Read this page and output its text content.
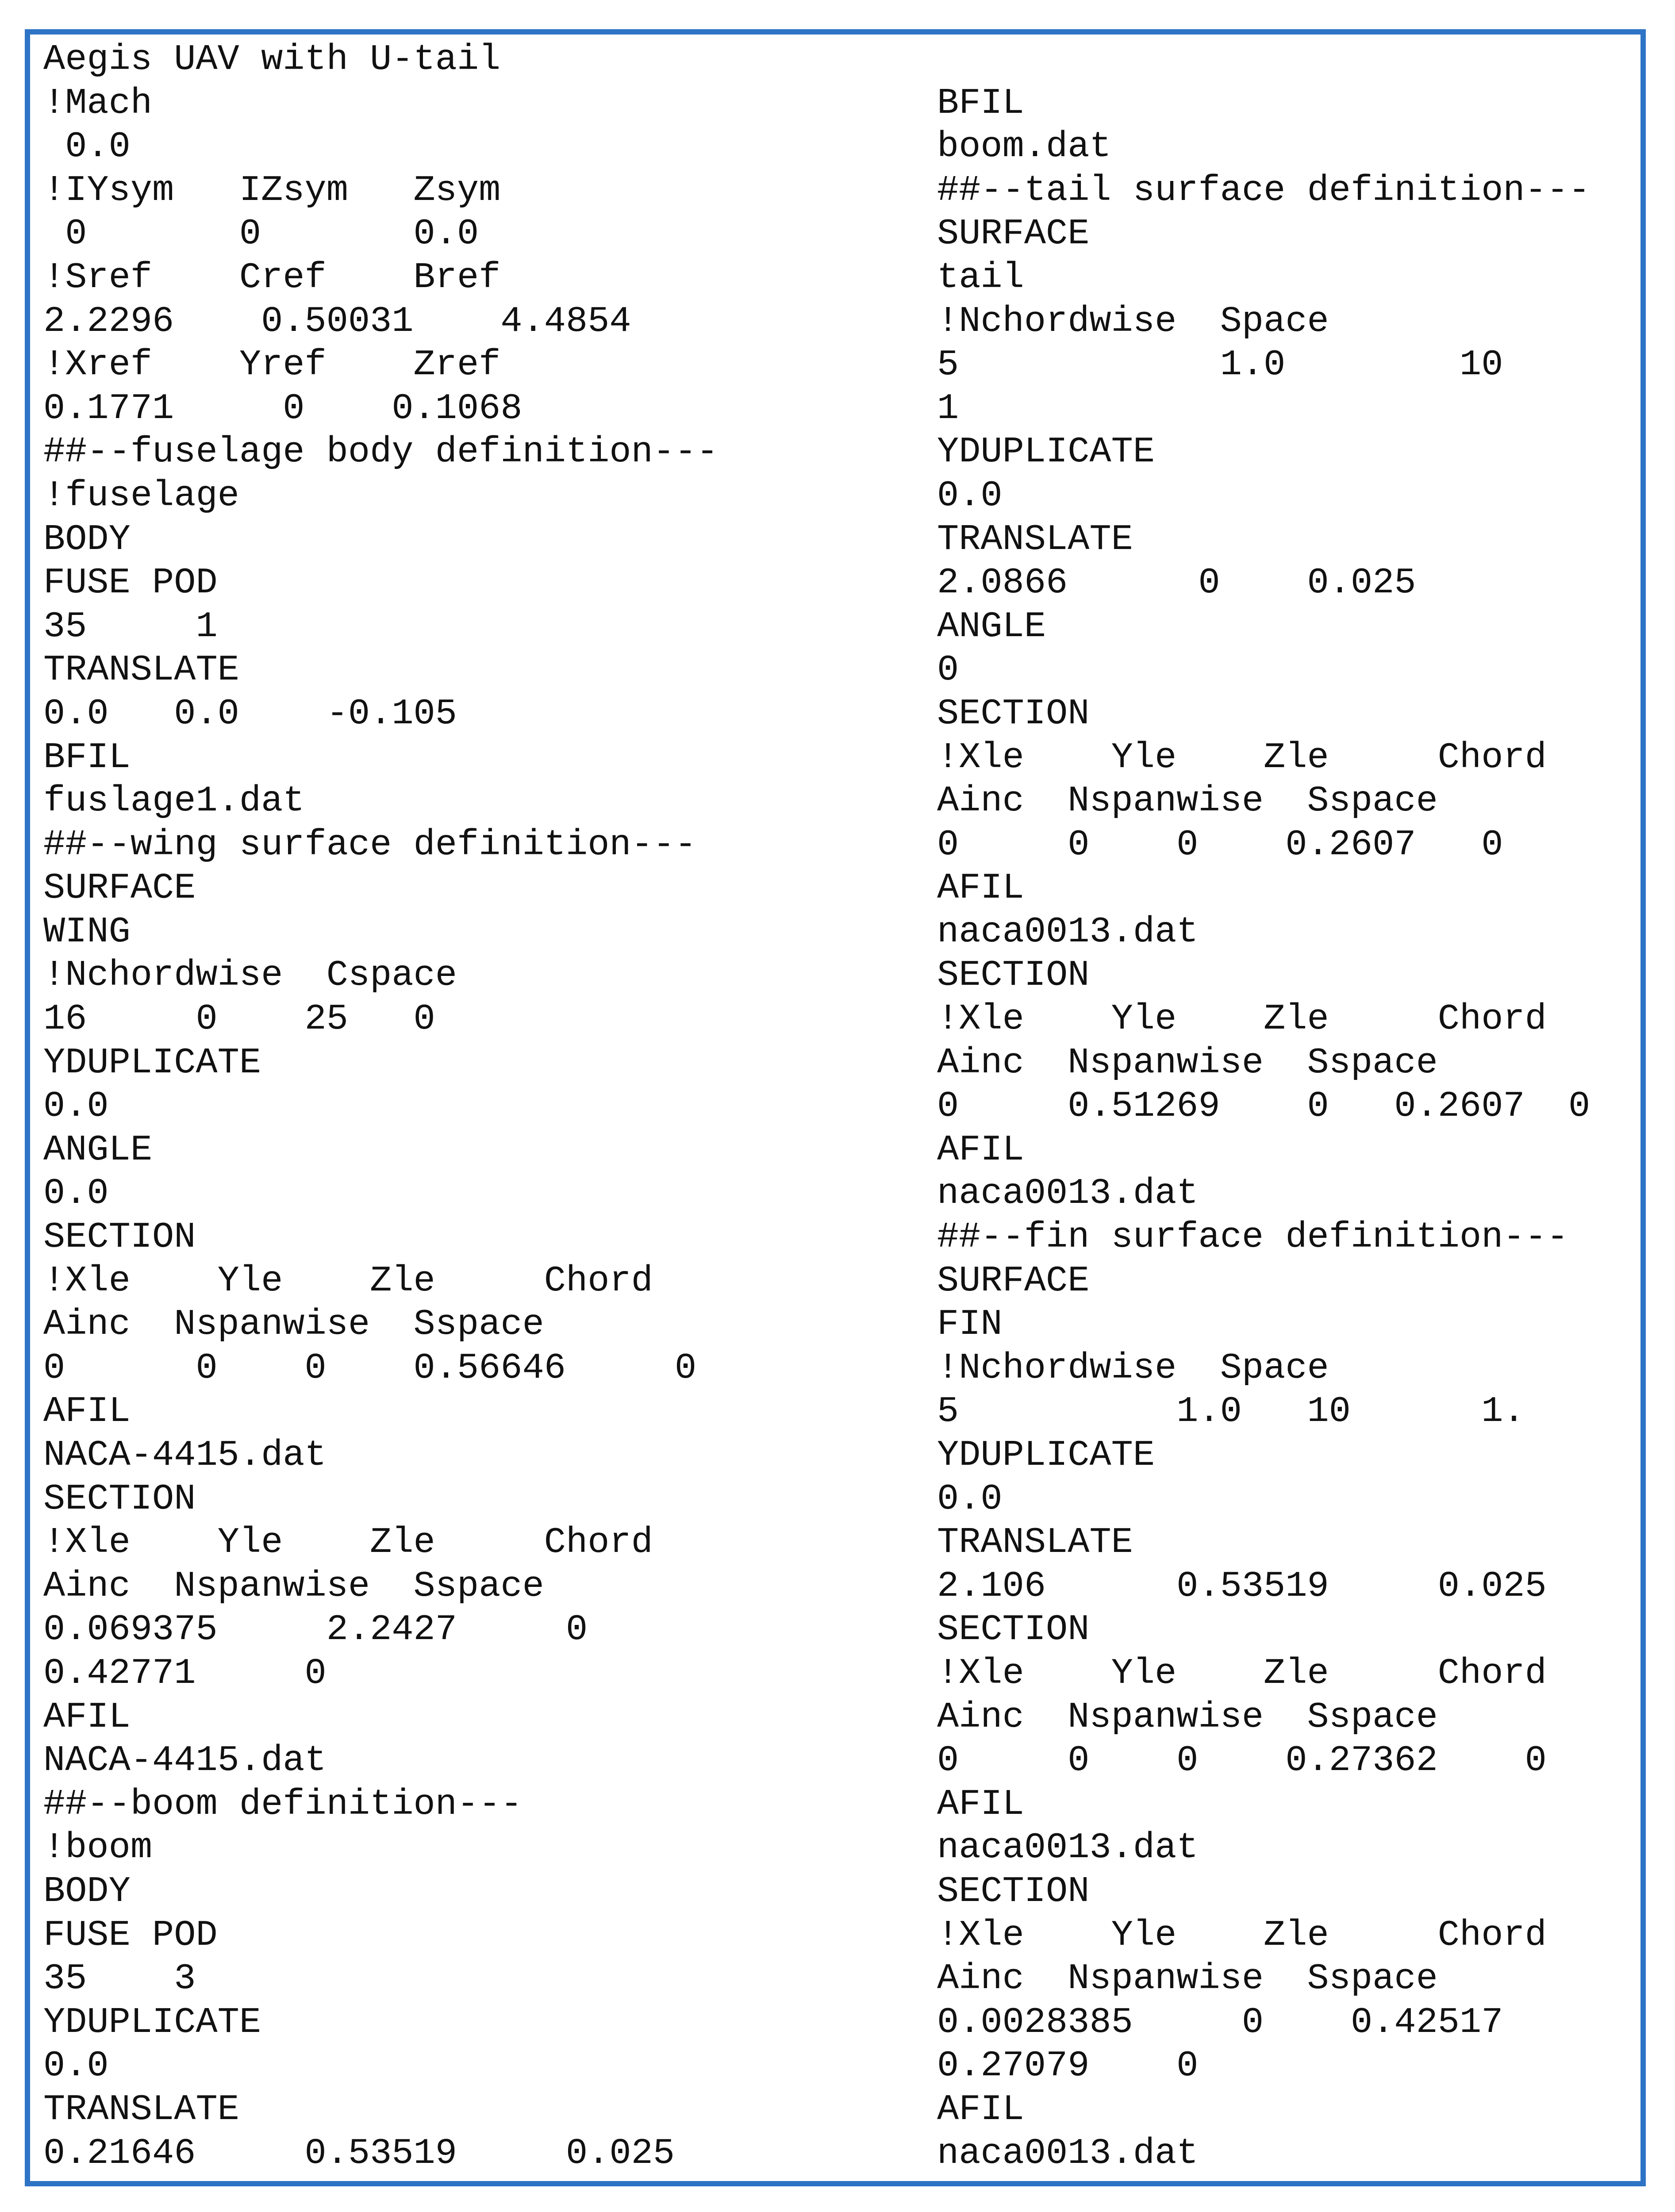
Aegis UAV with U-tail
!Mach
0.0
!IYsym   IZsym   Zsym
0       0       0.0
!Sref    Cref    Bref
2.2296    0.50031    4.4854
!Xref    Yref    Zref
0.1771     0    0.1068
##--fuselage body definition---
!fuselage
BODY
FUSE POD
35     1
TRANSLATE
0.0   0.0    -0.105
BFIL
fuslage1.dat
##--wing surface definition---
SURFACE
WING
!Nchordwise  Cspace
16     0    25   0
YDUPLICATE
0.0
ANGLE
0.0
SECTION
!Xle    Yle    Zle     Chord
Ainc  Nspanwise  Sspace
0      0    0    0.56646     0
AFIL
NACA-4415.dat
SECTION
!Xle    Yle    Zle     Chord
Ainc  Nspanwise  Sspace
0.069375     2.2427     0
0.42771     0
AFIL
NACA-4415.dat
##--boom definition---
!boom
BODY
FUSE POD
35    3
YDUPLICATE
0.0
TRANSLATE
0.21646     0.53519     0.025
BFIL
boom.dat
##--tail surface definition---
SURFACE
tail
!Nchordwise  Space
5            1.0        10
1
YDUPLICATE
0.0
TRANSLATE
2.0866      0    0.025
ANGLE
0
SECTION
!Xle    Yle    Zle     Chord
Ainc  Nspanwise  Sspace
0     0    0    0.2607   0
AFIL
naca0013.dat
SECTION
!Xle    Yle    Zle     Chord
Ainc  Nspanwise  Sspace
0     0.51269    0   0.2607  0
AFIL
naca0013.dat
##--fin surface definition---
SURFACE
FIN
!Nchordwise  Space
5          1.0   10      1.
YDUPLICATE
0.0
TRANSLATE
2.106      0.53519     0.025
SECTION
!Xle    Yle    Zle     Chord
Ainc  Nspanwise  Sspace
0     0    0    0.27362    0
AFIL
naca0013.dat
SECTION
!Xle    Yle    Zle     Chord
Ainc  Nspanwise  Sspace
0.0028385     0    0.42517
0.27079    0
AFIL
naca0013.dat
